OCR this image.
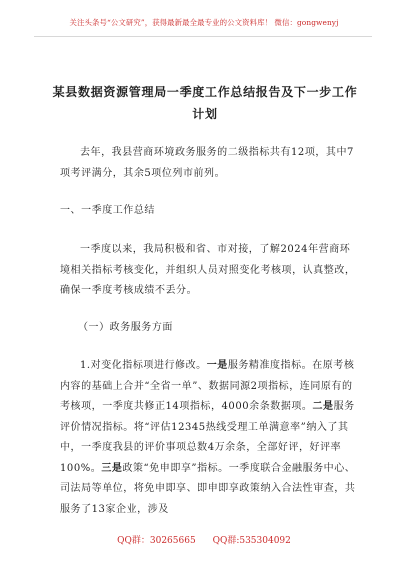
关注头条号“公文研究”，获得最新最全最专业的公文资料库！ 微信：gongwenyj
某县数据资源管理局一季度工作总结报告及下一步工作计划

去年，我县营商环境政务服务的二级指标共有12项，其中7项考评满分，其余5项位列市前列。

一、一季度工作总结

一季度以来，我局积极和省、市对接，了解2024年营商环境相关指标考核变化，并组织人员对照变化考核项，认真整改，确保一季度考核成绩不丢分。

（一）政务服务方面

1.对变化指标项进行修改。一是服务精准度指标。在原考核内容的基础上合并“全省一单”、数据同源2项指标，连同原有的考核项，一季度共修正14项指标，4000余条数据项。二是服务评价情况指标。将“评估12345热线受理工单满意率”纳入了其中，一季度我县的评价事项总数4万余条，全部好评，好评率100%。三是政策“免申即享”指标。一季度联合金融服务中心、司法局等单位，将免申即享、即申即享政策纳入合法性审查，共服务了13家企业，涉及

QQ群：30265665 QQ群:535304092
